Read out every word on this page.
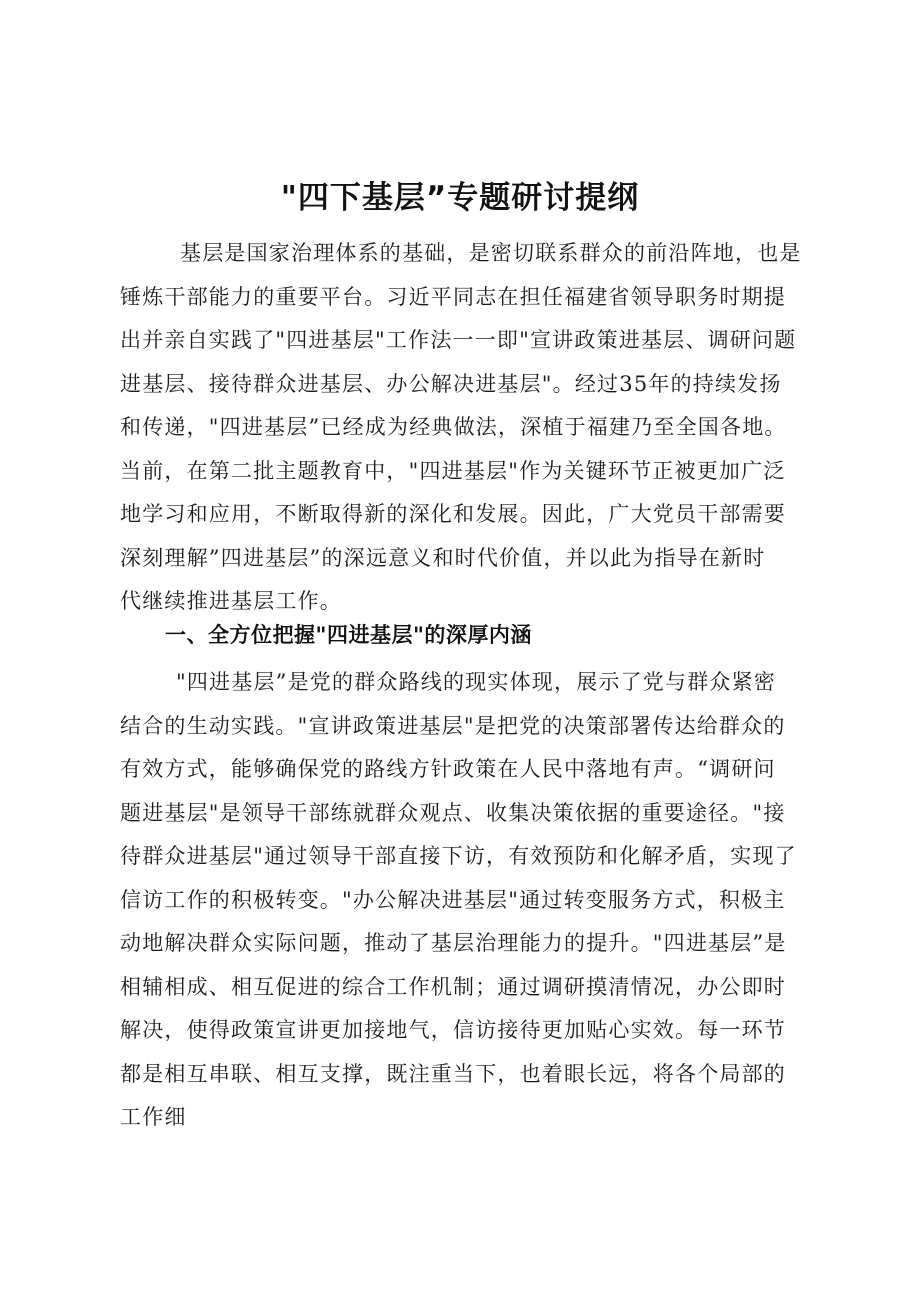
"四下基层”专题研讨提纲
基层是国家治理体系的基础，是密切联系群众的前沿阵地，也是
锤炼干部能力的重要平台。习近平同志在担任福建省领导职务时期提
出并亲自实践了"四进基层"工作法一一即"宣讲政策进基层、调研问题
进基层、接待群众进基层、办公解决进基层"。经过35年的持续发扬
和传递，"四进基层”已经成为经典做法，深植于福建乃至全国各地。
当前，在第二批主题教育中，"四进基层"作为关键环节正被更加广泛
地学习和应用，不断取得新的深化和发展。因此，广大党员干部需要
深刻理解”四进基层”的深远意义和时代价值，并以此为指导在新时
代继续推进基层工作。
一、全方位把握"四进基层"的深厚内涵
"四进基层”是党的群众路线的现实体现，展示了党与群众紧密
结合的生动实践。"宣讲政策进基层"是把党的决策部署传达给群众的
有效方式，能够确保党的路线方针政策在人民中落地有声。“调研问
题进基层"是领导干部练就群众观点、收集决策依据的重要途径。"接
待群众进基层"通过领导干部直接下访，有效预防和化解矛盾，实现了
信访工作的积极转变。"办公解决进基层"通过转变服务方式，积极主
动地解决群众实际问题，推动了基层治理能力的提升。"四进基层”是
相辅相成、相互促进的综合工作机制；通过调研摸清情况，办公即时
解决，使得政策宣讲更加接地气，信访接待更加贴心实效。每一环节
都是相互串联、相互支撑，既注重当下，也着眼长远，将各个局部的
工作细
